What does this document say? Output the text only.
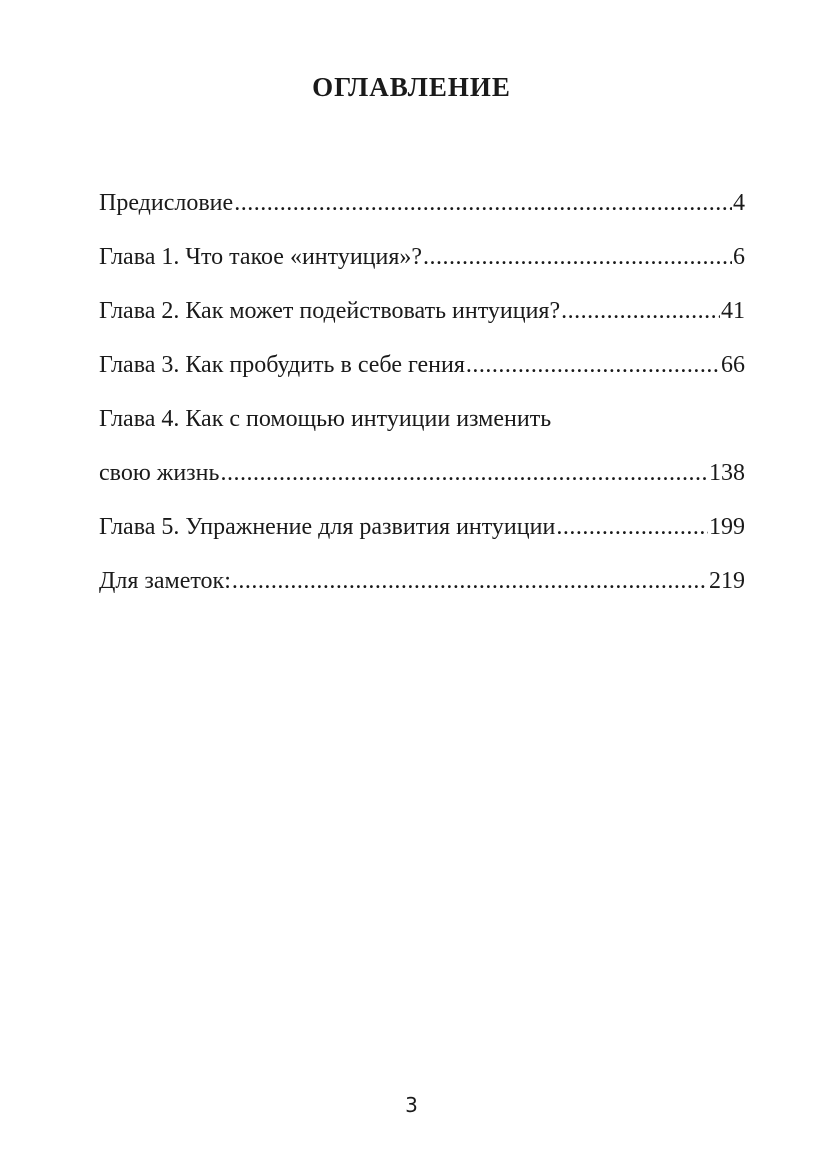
ОГЛАВЛЕНИЕ
Предисловие .....	4
Глава 1. Что такое «интуиция»? .....	6
Глава 2. Как может подействовать интуиция? .....	41
Глава 3. Как пробудить в себе гения .....	66
Глава 4. Как с помощью интуиции изменить
свою жизнь .....	138
Глава 5. Упражнение для развития интуиции .....	199
Для заметок: .....	219
3
